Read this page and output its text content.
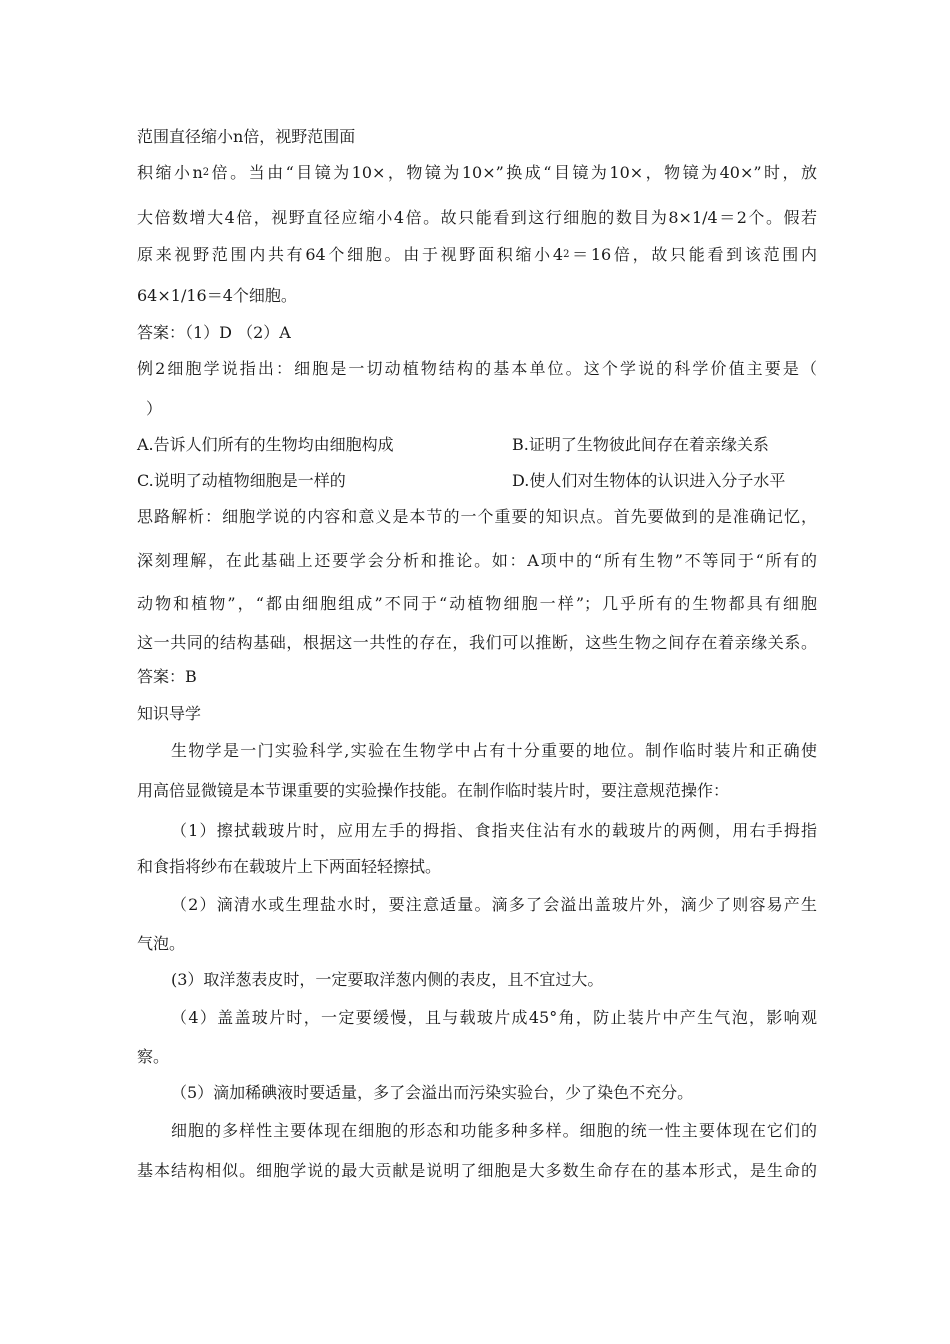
范围直径缩小n倍，视野范围面
积缩小$n^2$倍。当由“目镜为10×，物镜为10×”换成“目镜为10×，物镜为40×”时，放
大倍数增大4倍，视野直径应缩小4倍。故只能看到这行细胞的数目为8×1/4＝2个。假若
原来视野范围内共有64个细胞。由于视野面积缩小$4^2=16$倍，故只能看到该范围内
64×1/16＝4个细胞。
答案：（1）D （2）A
例2细胞学说指出：细胞是一切动植物结构的基本单位。这个学说的科学价值主要是（
）
A.告诉人们所有的生物均由细胞构成	B.证明了生物彼此间存在着亲缘关系
C.说明了动植物细胞是一样的	D.使人们对生物体的认识进入分子水平
思路解析：细胞学说的内容和意义是本节的一个重要的知识点。首先要做到的是准确记忆，
深刻理解，在此基础上还要学会分析和推论。如：A项中的“所有生物”不等同于“所有的
动物和植物”，“都由细胞组成”不同于“动植物细胞一样”；几乎所有的生物都具有细胞
这一共同的结构基础，根据这一共性的存在，我们可以推断，这些生物之间存在着亲缘关系。
答案：B
知识导学
生物学是一门实验科学,实验在生物学中占有十分重要的地位。制作临时装片和正确使
用高倍显微镜是本节课重要的实验操作技能。在制作临时装片时，要注意规范操作：
（1）擦拭载玻片时，应用左手的拇指、食指夹住沾有水的载玻片的两侧，用右手拇指
和食指将纱布在载玻片上下两面轻轻擦拭。
（2）滴清水或生理盐水时，要注意适量。滴多了会溢出盖玻片外，滴少了则容易产生
气泡。
(3）取洋葱表皮时，一定要取洋葱内侧的表皮，且不宜过大。
（4）盖盖玻片时，一定要缓慢，且与载玻片成45°角，防止装片中产生气泡，影响观
察。
（5）滴加稀碘液时要适量，多了会溢出而污染实验台，少了染色不充分。
细胞的多样性主要体现在细胞的形态和功能多种多样。细胞的统一性主要体现在它们的
基本结构相似。细胞学说的最大贡献是说明了细胞是大多数生命存在的基本形式，是生命的
